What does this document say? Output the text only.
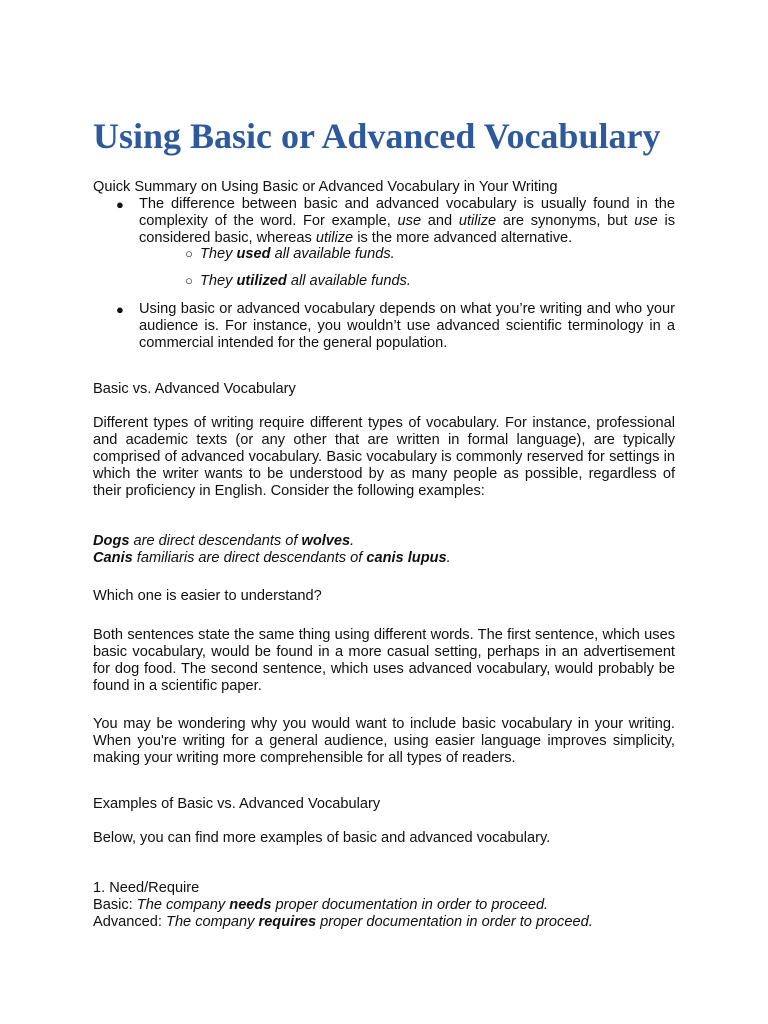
Using Basic or Advanced Vocabulary

Quick Summary on Using Basic or Advanced Vocabulary in Your Writing

● The difference between basic and advanced vocabulary is usually found in the complexity of the word. For example, use and utilize are synonyms, but use is considered basic, whereas utilize is the more advanced alternative.
○ They used all available funds.
○ They utilized all available funds.
● Using basic or advanced vocabulary depends on what you’re writing and who your audience is. For instance, you wouldn’t use advanced scientific terminology in a commercial intended for the general population.

Basic vs. Advanced Vocabulary

Different types of writing require different types of vocabulary. For instance, professional and academic texts (or any other that are written in formal language), are typically comprised of advanced vocabulary. Basic vocabulary is commonly reserved for settings in which the writer wants to be understood by as many people as possible, regardless of their proficiency in English. Consider the following examples:

Dogs are direct descendants of wolves.

Canis familiaris are direct descendants of canis lupus.

Which one is easier to understand?

Both sentences state the same thing using different words. The first sentence, which uses basic vocabulary, would be found in a more casual setting, perhaps in an advertisement for dog food. The second sentence, which uses advanced vocabulary, would probably be found in a scientific paper.

You may be wondering why you would want to include basic vocabulary in your writing. When you're writing for a general audience, using easier language improves simplicity, making your writing more comprehensible for all types of readers.

Examples of Basic vs. Advanced Vocabulary

Below, you can find more examples of basic and advanced vocabulary.

1. Need/Require

Basic: The company needs proper documentation in order to proceed.

Advanced: The company requires proper documentation in order to proceed.
